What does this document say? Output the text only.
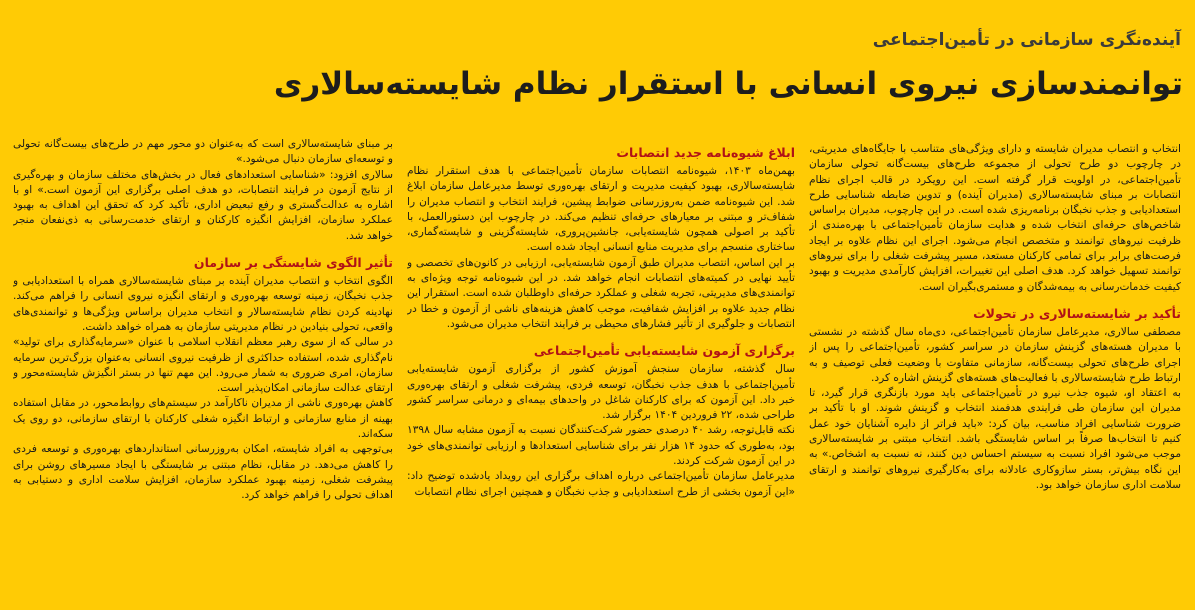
آینده‌نگری سازمانی در تأمین‌اجتماعی
توانمندسازی نیروی انسانی با استقرار نظام شایسته‌سالاری

انتخاب و انتصاب مدیران شایسته و دارای ویژگی‌های متناسب با جایگاه‌های مدیریتی، در چارچوب دو طرح تحولی از مجموعه طرح‌های بیست‌گانه تحولی سازمان تأمین‌اجتماعی، در اولویت قرار گرفته است. این رویکرد در قالب اجرای نظام انتصابات بر مبنای شایسته‌سالاری (مدیران آینده) و تدوین ضابطه شناسایی طرح استعدادیابی و جذب نخبگان برنامه‌ریزی شده است. در این چارچوب، مدیران براساس شاخص‌های حرفه‌ای انتخاب شده و هدایت سازمان تأمین‌اجتماعی با بهره‌مندی از ظرفیت نیروهای توانمند و متخصص انجام می‌شود. اجرای این نظام علاوه بر ایجاد فرصت‌های برابر برای تمامی کارکنان مستعد، مسیر پیشرفت شغلی را برای نیروهای توانمند تسهیل خواهد کرد. هدف اصلی این تغییرات، افزایش کارآمدی مدیریت و بهبود کیفیت خدمات‌رسانی به بیمه‌شدگان و مستمری‌بگیران است.

تأکید بر شایسته‌سالاری در تحولات

مصطفی سالاری، مدیرعامل سازمان تأمین‌اجتماعی، دی‌ماه سال گذشته در نشستی با مدیران هسته‌های گزینش سازمان در سراسر کشور، تأمین‌اجتماعی را پس از اجرای طرح‌های تحولی بیست‌گانه، سازمانی متفاوت با وضعیت فعلی توصیف و به ارتباط طرح شایسته‌سالاری با فعالیت‌های هسته‌های گزینش اشاره کرد.

به اعتقاد او، شیوه جذب نیرو در تأمین‌اجتماعی باید مورد بازنگری قرار گیرد، تا مدیران این سازمان طی فرایندی هدفمند انتخاب و گزینش شوند. او با تأکید بر ضرورت شناسایی افراد مناسب، بیان کرد: «باید فراتر از دایره آشنایان خود عمل کنیم تا انتخاب‌ها صرفاً بر اساس شایستگی باشد. انتخاب مبتنی بر شایسته‌سالاری موجب می‌شود افراد نسبت به سیستم احساس دین کنند، نه نسبت به اشخاص.» به این نگاه بیش‌تر، بستر سازوکاری عادلانه برای به‌کارگیری نیروهای توانمند و ارتقای سلامت اداری سازمان خواهد بود.

ابلاغ شیوه‌نامه جدید انتصابات

بهمن‌ماه ۱۴۰۳، شیوه‌نامه انتصابات سازمان تأمین‌اجتماعی با هدف استقرار نظام شایسته‌سالاری، بهبود کیفیت مدیریت و ارتقای بهره‌وری توسط مدیرعامل سازمان ابلاغ شد. این شیوه‌نامه ضمن به‌روزرسانی ضوابط پیشین، فرایند انتخاب و انتصاب مدیران را شفاف‌تر و مبتنی بر معیارهای حرفه‌ای تنظیم می‌کند. در چارچوب این دستورالعمل، با تأکید بر اصولی همچون شایسته‌یابی، جانشین‌پروری، شایسته‌گزینی و شایسته‌گماری، ساختاری منسجم برای مدیریت منابع انسانی ایجاد شده است.

بر این اساس، انتصاب مدیران طبق آزمون شایسته‌یابی، ارزیابی در کانون‌های تخصصی و تأیید نهایی در کمیته‌های انتصابات انجام خواهد شد. در این شیوه‌نامه توجه ویژه‌ای به توانمندی‌های مدیریتی، تجربه شغلی و عملکرد حرفه‌ای داوطلبان شده است. استقرار این نظام جدید علاوه بر افزایش شفافیت، موجب کاهش هزینه‌های ناشی از آزمون و خطا در انتصابات و جلوگیری از تأثیر فشارهای محیطی بر فرایند انتخاب مدیران می‌شود.

برگزاری آزمون شایسته‌یابی تأمین‌اجتماعی

سال گذشته، سازمان سنجش آموزش کشور از برگزاری آزمون شایسته‌یابی تأمین‌اجتماعی با هدف جذب نخبگان، توسعه فردی، پیشرفت شغلی و ارتقای بهره‌وری خبر داد. این آزمون که برای کارکنان شاغل در واحدهای بیمه‌ای و درمانی سراسر کشور طراحی شده، ۲۲ فروردین ۱۴۰۴ برگزار شد.

نکته قابل‌توجه، رشد ۴۰ درصدی حضور شرکت‌کنندگان نسبت به آزمون مشابه سال ۱۳۹۸ بود، به‌طوری که حدود ۱۴ هزار نفر برای شناسایی استعدادها و ارزیابی توانمندی‌های خود در این آزمون شرکت کردند.

مدیرعامل سازمان تأمین‌اجتماعی درباره اهداف برگزاری این رویداد یادشده توضیح داد: «این آزمون بخشی از طرح استعدادیابی و جذب نخبگان و همچنین اجرای نظام انتصابات

بر مبنای شایسته‌سالاری است که به‌عنوان دو محور مهم در طرح‌های بیست‌گانه تحولی و توسعه‌ای سازمان دنبال می‌شود.»

سالاری افزود: «شناسایی استعدادهای فعال در بخش‌های مختلف سازمان و بهره‌گیری از نتایج آزمون در فرایند انتصابات، دو هدف اصلی برگزاری این آزمون است.» او با اشاره به عدالت‌گستری و رفع تبعیض اداری، تأکید کرد که تحقق این اهداف به بهبود عملکرد سازمان، افزایش انگیزه کارکنان و ارتقای خدمت‌رسانی به ذی‌نفعان منجر خواهد شد.

تأثیر الگوی شایستگی بر سازمان

الگوی انتخاب و انتصاب مدیران آینده بر مبنای شایسته‌سالاری همراه با استعدادیابی و جذب نخبگان، زمینه توسعه بهره‌وری و ارتقای انگیزه نیروی انسانی را فراهم می‌کند. نهادینه کردن نظام شایسته‌سالار و انتخاب مدیران براساس ویژگی‌ها و توانمندی‌های واقعی، تحولی بنیادین در نظام مدیریتی سازمان به همراه خواهد داشت.

در سالی که از سوی رهبر معظم انقلاب اسلامی با عنوان «سرمایه‌گذاری برای تولید» نام‌گذاری شده، استفاده حداکثری از ظرفیت نیروی انسانی به‌عنوان بزرگ‌ترین سرمایه سازمان، امری ضروری به شمار می‌رود. این مهم تنها در بستر انگیزش شایسته‌محور و ارتقای عدالت سازمانی امکان‌پذیر است.

کاهش بهره‌وری ناشی از مدیران ناکارآمد در سیستم‌های روابط‌محور، در مقابل استفاده بهینه از منابع سازمانی و ارتباط انگیزه شغلی کارکنان با ارتقای سازمانی، دو روی یک سکه‌اند.

بی‌توجهی به افراد شایسته، امکان به‌روزرسانی استانداردهای بهره‌وری و توسعه فردی را کاهش می‌دهد. در مقابل، نظام مبتنی بر شایستگی با ایجاد مسیرهای روشن برای پیشرفت شغلی، زمینه بهبود عملکرد سازمان، افزایش سلامت اداری و دستیابی به اهداف تحولی را فراهم خواهد کرد.
